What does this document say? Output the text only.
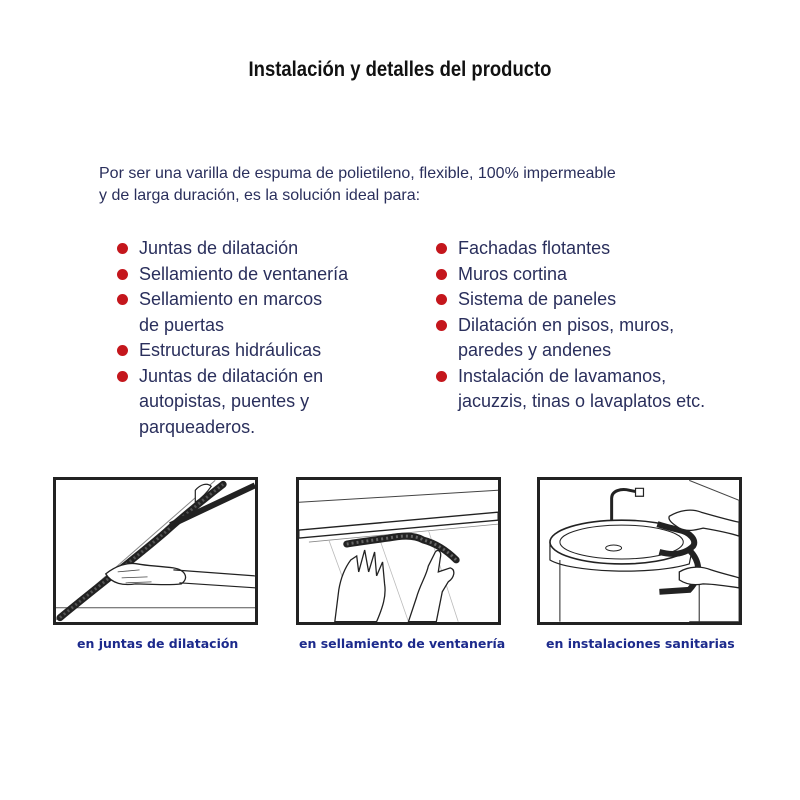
Instalación y detalles del producto
Por ser una varilla de espuma de polietileno, flexible, 100% impermeable
y de larga duración, es la solución ideal para:
Juntas de dilatación
Sellamiento de ventanería
Sellamiento en marcos
de puertas
Estructuras hidráulicas
Juntas de dilatación en
autopistas, puentes y
parqueaderos.
Fachadas flotantes
Muros cortina
Sistema de paneles
Dilatación en pisos, muros,
paredes y andenes
Instalación de lavamanos,
jacuzzis, tinas o lavaplatos etc.
en juntas de dilatación	en sellamiento de ventanería	en instalaciones sanitarias
